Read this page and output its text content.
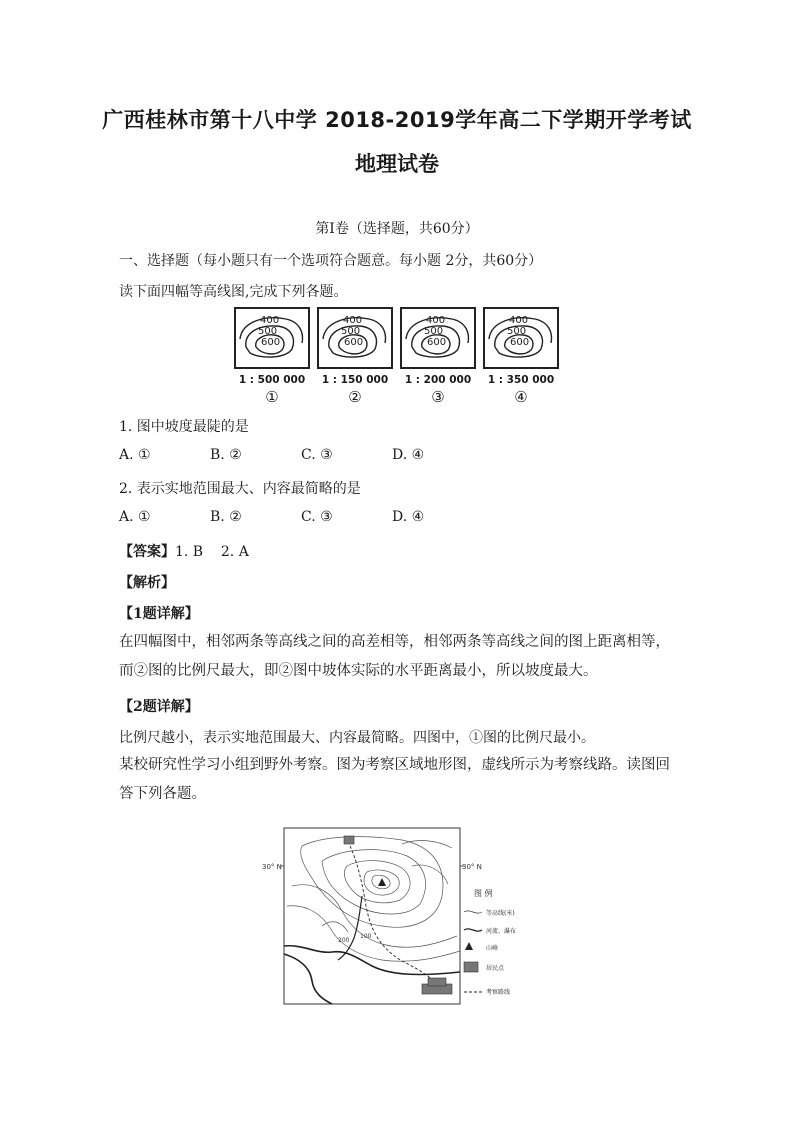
广西桂林市第十八中学 2018-2019学年高二下学期开学考试
地理试卷
第Ⅰ卷（选择题，共60分）
一、选择题（每小题只有一个选项符合题意。每小题 2分，共60分）
读下面四幅等高线图,完成下列各题。
400
500
600
400
500
600
400
500
600
400
500
600
1 : 500 000	1 : 150 000	1 : 200 000	1 : 350 000
①	②	③	④
1. 图中坡度最陡的是
A. ①	B. ②	C. ③	D. ④
2. 表示实地范围最大、内容最简略的是
A. ①	B. ②	C. ③	D. ④
【答案】1. B    2. A
【解析】
【1题详解】
在四幅图中，相邻两条等高线之间的高差相等，相邻两条等高线之间的图上距离相等，而②图的比例尺最大，即②图中坡体实际的水平距离最小，所以坡度最大。
【2题详解】
比例尺越小，表示实地范围最大、内容最简略。四图中，①图的比例尺最小。
某校研究性学习小组到野外考察。图为考察区域地形图，虚线所示为考察线路。读图回答下列各题。
30° N	30° N
100
200
图 例
等高线(米)
河流、瀑布
山峰
居民点
考察路线
